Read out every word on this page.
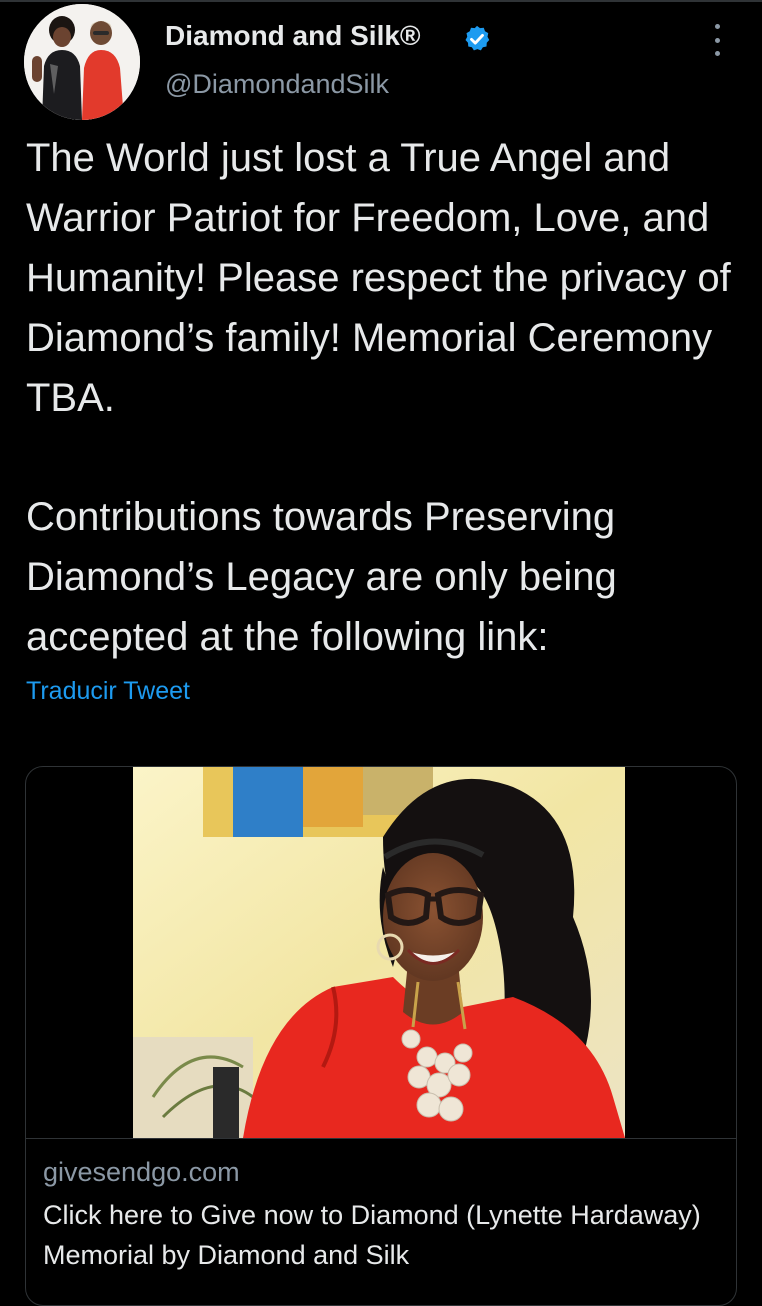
Diamond and Silk®
@DiamondandSilk

The World just lost a True Angel and Warrior Patriot for Freedom, Love, and Humanity! Please respect the privacy of Diamond’s family! Memorial Ceremony TBA.

Contributions towards Preserving Diamond’s Legacy are only being accepted at the following link:

Traducir Tweet
givesendgo.com
Click here to Give now to Diamond (Lynette Hardaway) Memorial by Diamond and Silk
